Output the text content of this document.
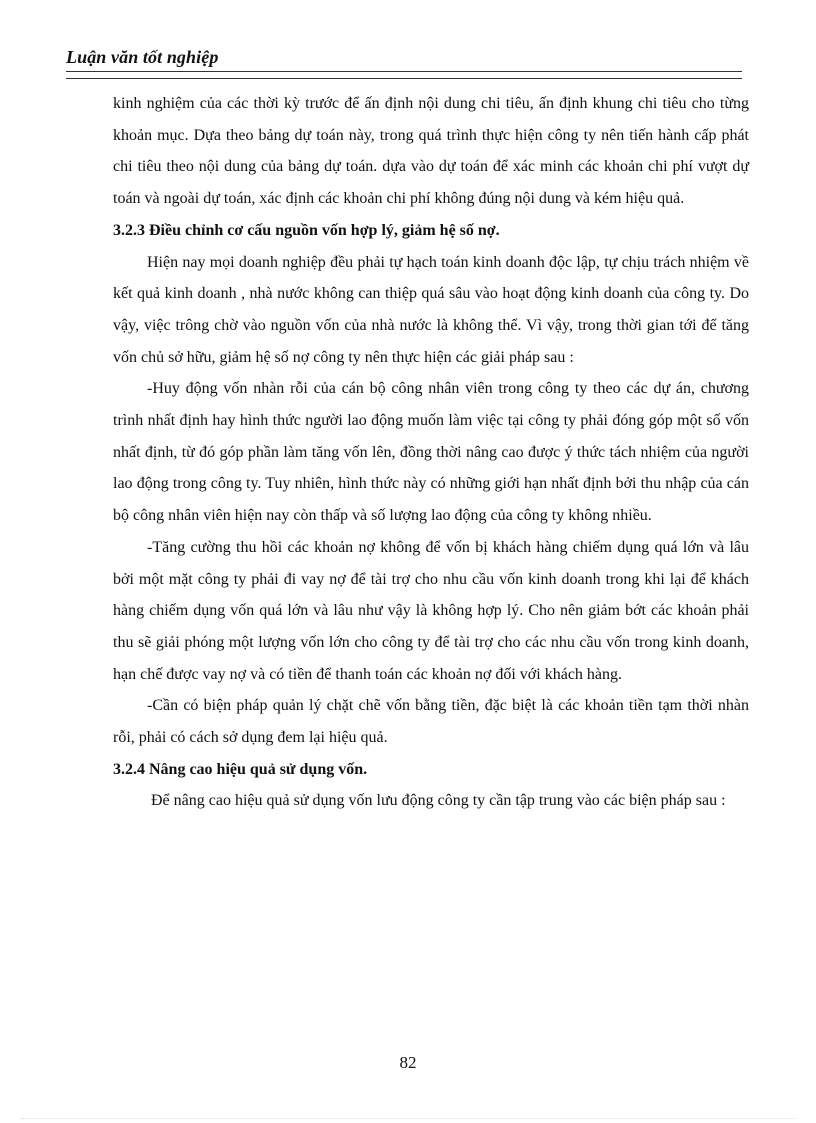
Luận văn tốt nghiệp

kinh nghiệm của các thời kỳ trước để ấn định nội dung chi tiêu, ấn định khung chi tiêu cho từng khoản mục. Dựa theo bảng dự toán này, trong quá trình thực hiện công ty nên tiến hành cấp phát chi tiêu theo nội dung của bảng dự toán. dựa vào dự toán để xác minh các khoản chi phí vượt dự toán và ngoài dự toán, xác định các khoản chi phí không đúng nội dung và kém hiệu quả.

3.2.3 Điều chỉnh cơ cấu nguồn vốn hợp lý, giảm hệ số nợ.

Hiện nay mọi doanh nghiệp đều phải tự hạch toán kinh doanh độc lập, tự chịu trách nhiệm về kết quả kinh doanh , nhà nước không can thiệp quá sâu vào hoạt động kinh doanh của công ty. Do vậy, việc trông chờ vào nguồn vốn của nhà nước là không thể. Vì vậy, trong thời gian tới để tăng vốn chủ sở hữu, giảm hệ số nợ công ty nên thực hiện các giải pháp sau :

-Huy động vốn nhàn rỗi của cán bộ công nhân viên trong công ty theo các dự án, chương trình nhất định hay hình thức người lao động muốn làm việc tại công ty phải đóng góp một số vốn nhất định, từ đó góp phần làm tăng vốn lên, đồng thời nâng cao được ý thức tách nhiệm của người lao động trong công ty. Tuy nhiên, hình thức này có những giới hạn nhất định bởi thu nhập của cán bộ công nhân viên hiện nay còn thấp và số lượng lao động của công ty không nhiều.

-Tăng cường thu hồi các khoản nợ không để vốn bị khách hàng chiếm dụng quá lớn và lâu bởi một mặt công ty phải đi vay nợ để tài trợ cho nhu cầu vốn kinh doanh trong khi lại để khách hàng chiếm dụng vốn quá lớn và lâu như vậy là không hợp lý. Cho nên giảm bớt các khoản phải thu sẽ giải phóng một lượng vốn lớn cho công ty để tài trợ cho các nhu cầu vốn trong kinh doanh, hạn chế được vay nợ và có tiền để thanh toán các khoản nợ đối với khách hàng.

-Cần có biện pháp quản lý chặt chẽ vốn bằng tiền, đặc biệt là các khoản tiền tạm thời nhàn rỗi, phải có cách sở dụng đem lại hiệu quả.

3.2.4 Nâng cao hiệu quả sử dụng vốn.

Để nâng cao hiệu quả sử dụng vốn lưu động công ty cần tập trung vào các biện pháp sau :

82
